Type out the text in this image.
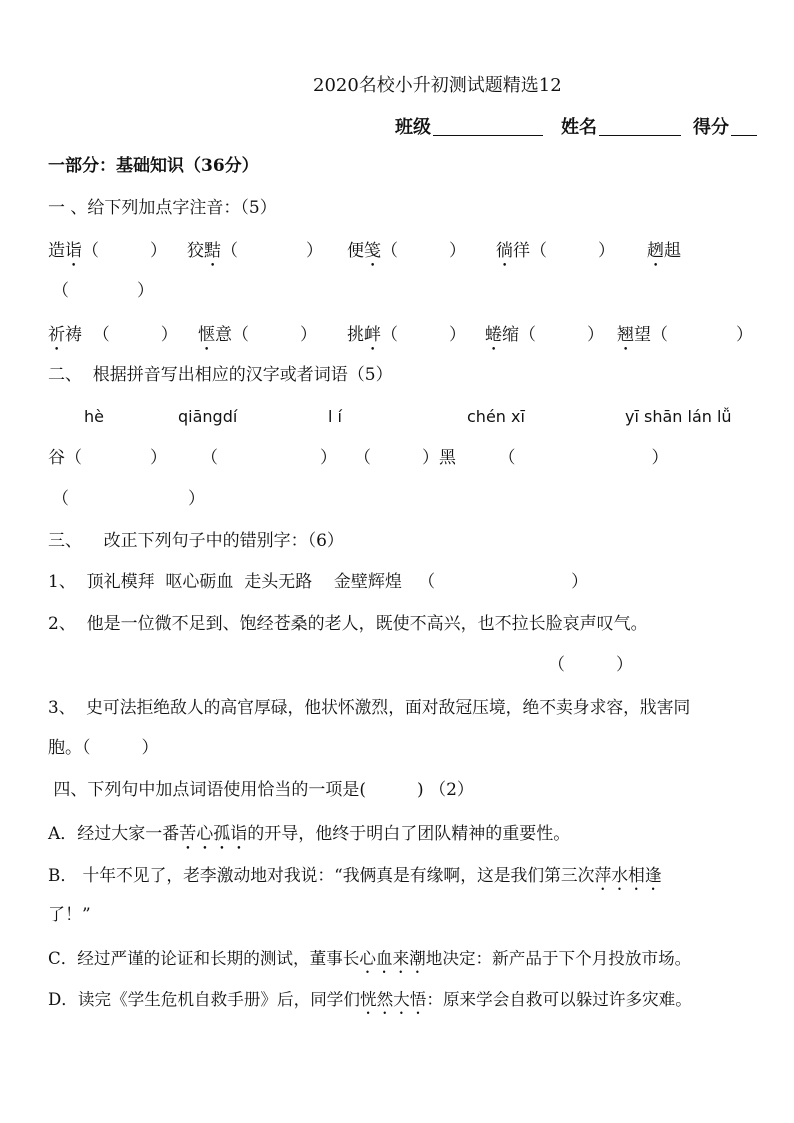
2020名校小升初测试题精选12
班级	姓名	得分
一部分：基础知识（36分）
一 、给下列加点字注音：（5）
造诣（　　　） 狡黠（　　　　） 便笺（　　　） 徜徉（　　　） 趔趄
（　　　　）
祈祷  （　　　） 惬意（　　　） 挑衅（　　　） 蜷缩（　　　） 翘望（　　　　）
二、  根据拼音写出相应的汉字或者词语（5）
hè	qiāngdí	l í	chén xī	yī shān lán lǚ
谷（　　　　）　　　（　　　　　　）　　（　　　）黑　　　（　　　　　　　　）
（　　　　　　　）
三、    改正下列句子中的错别字：（6）
1、  顶礼模拜  呕心砺血  走头无路    金壁辉煌   （　　　　　　　　）
2、  他是一位微不足到、饱经苍桑的老人，既使不高兴，也不拉长脸哀声叹气。
（　　　）
3、  史可法拒绝敌人的高官厚碌，他状怀激烈，面对敌冠压境，绝不卖身求容，戕害同
胞。（　　　）
四、下列句中加点词语使用恰当的一项是(　　　) （2）
A．经过大家一番苦心孤诣的开导，他终于明白了团队精神的重要性。
B． 十年不见了，老李激动地对我说：“我俩真是有缘啊，这是我们第三次萍水相逢
了！”
C．经过严谨的论证和长期的测试，董事长心血来潮地决定：新产品于下个月投放市场。
D．读完《学生危机自救手册》后，同学们恍然大悟：原来学会自救可以躲过许多灾难。
